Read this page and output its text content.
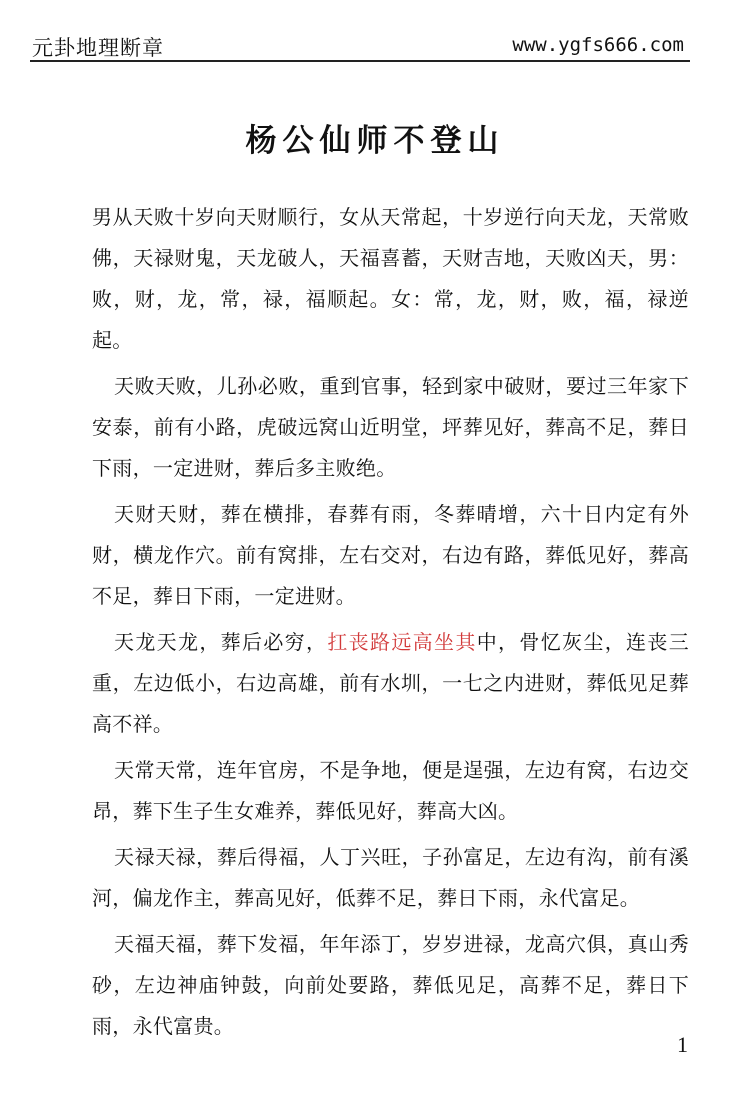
元卦地理断章	www.ygfs666.com
杨公仙师不登山

男从天败十岁向天财顺行，女从天常起，十岁逆行向天龙，天常败佛，天禄财鬼，天龙破人，天福喜蓄，天财吉地，天败凶天，男：败，财，龙，常，禄，福顺起。女：常，龙，财，败，福，禄逆起。

天败天败，儿孙必败，重到官事，轻到家中破财，要过三年家下安泰，前有小路，虎破远窝山近明堂，坪葬见好，葬高不足，葬日下雨，一定进财，葬后多主败绝。

天财天财，葬在横排，春葬有雨，冬葬晴增，六十日内定有外财，横龙作穴。前有窝排，左右交对，右边有路，葬低见好，葬高不足，葬日下雨，一定进财。

天龙天龙，葬后必穷，扛丧路远高坐其中，骨忆灰尘，连丧三重，左边低小，右边高雄，前有水圳，一七之内进财，葬低见足葬高不祥。

天常天常，连年官房，不是争地，便是逞强，左边有窝，右边交昂，葬下生子生女难养，葬低见好，葬高大凶。

天禄天禄，葬后得福，人丁兴旺，子孙富足，左边有沟，前有溪河，偏龙作主，葬高见好，低葬不足，葬日下雨，永代富足。

天福天福，葬下发福，年年添丁，岁岁进禄，龙高穴俱，真山秀砂，左边神庙钟鼓，向前处要路，葬低见足，高葬不足，葬日下雨，永代富贵。

1
